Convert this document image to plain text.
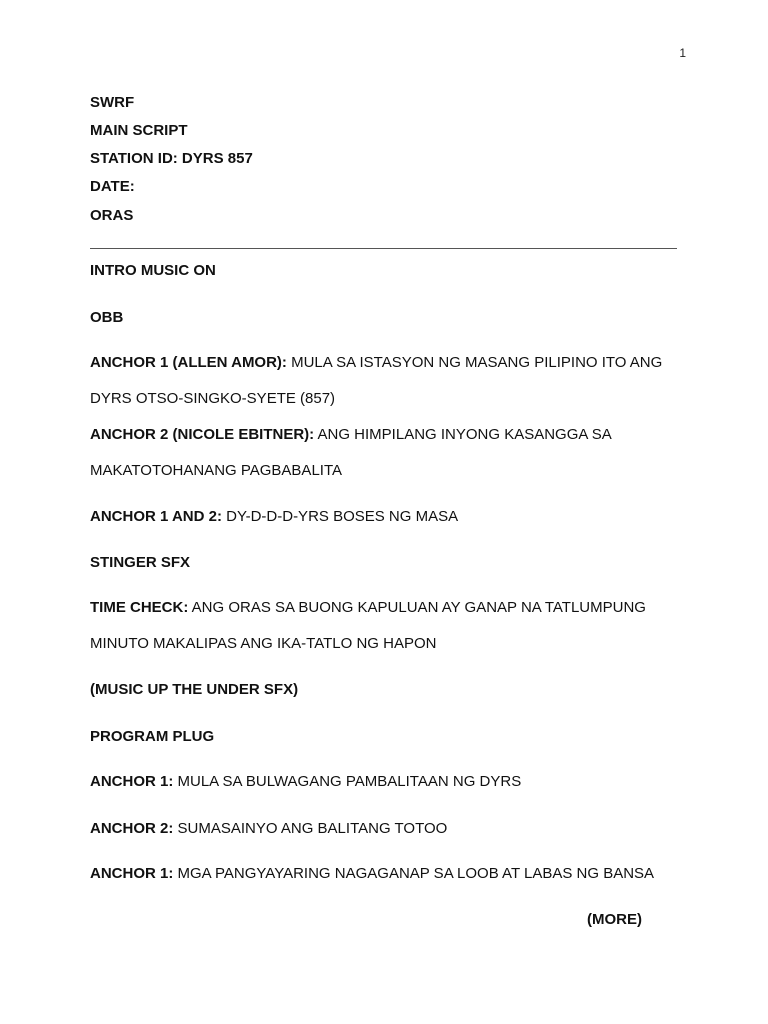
1
SWRF
MAIN SCRIPT
STATION ID: DYRS 857
DATE:
ORAS
INTRO MUSIC ON
OBB
ANCHOR 1 (ALLEN AMOR): MULA SA ISTASYON NG MASANG PILIPINO ITO ANG
DYRS OTSO-SINGKO-SYETE (857)
ANCHOR 2 (NICOLE EBITNER): ANG HIMPILANG INYONG KASANGGA SA
MAKATOTOHANANG PAGBABALITA
ANCHOR 1 AND 2: DY-D-D-D-YRS BOSES NG MASA
STINGER SFX
TIME CHECK: ANG ORAS SA BUONG KAPULUAN AY GANAP NA TATLUMPUNG
MINUTO MAKALIPAS ANG IKA-TATLO NG HAPON
(MUSIC UP THE UNDER SFX)
PROGRAM PLUG
ANCHOR 1: MULA SA BULWAGANG PAMBALITAAN NG DYRS
ANCHOR 2: SUMASAINYO ANG BALITANG TOTOO
ANCHOR 1: MGA PANGYAYARING NAGAGANAP SA LOOB AT LABAS NG BANSA
(MORE)
